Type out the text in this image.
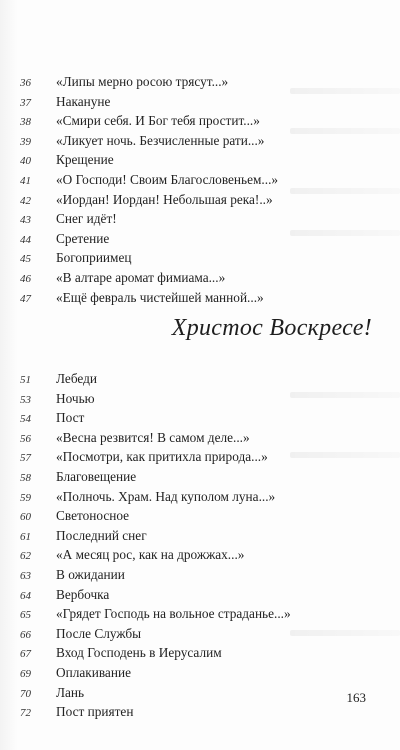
36	«Липы мерно росою трясут...»
37	Накануне
38	«Смири себя. И Бог тебя простит...»
39	«Ликует ночь. Безчисленные рати...»
40	Крещение
41	«О Господи! Своим Благословеньем...»
42	«Иордан! Иордан! Небольшая река!..»
43	Снег идёт!
44	Сретение
45	Богоприимец
46	«В алтаре аромат фимиама...»
47	«Ещё февраль чистейшей манной...»
Христос Воскресе!
51	Лебеди
53	Ночью
54	Пост
56	«Весна резвится! В самом деле...»
57	«Посмотри, как притихла природа...»
58	Благовещение
59	«Полночь. Храм. Над куполом луна...»
60	Светоносное
61	Последний снег
62	«А месяц рос, как на дрожжах...»
63	В ожидании
64	Вербочка
65	«Грядет Господь на вольное страданье...»
66	После Службы
67	Вход Господень в Иерусалим
69	Оплакивание
70	Лань
72	Пост приятен
163
